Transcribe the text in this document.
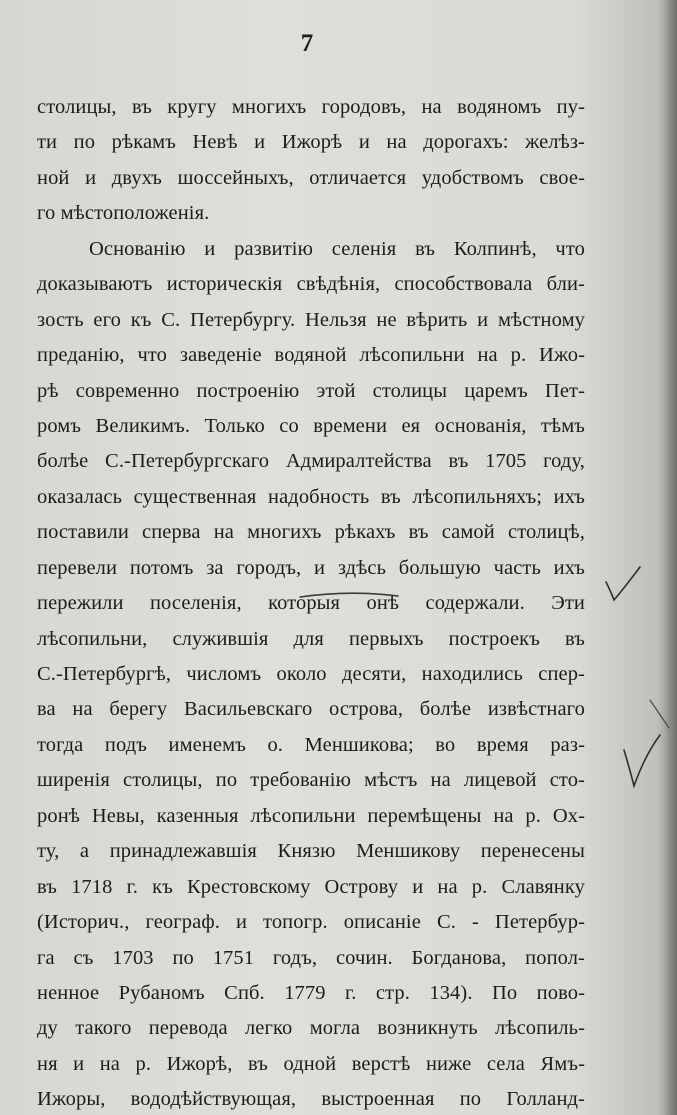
7
столицы, въ кругу многихъ городовъ, на водяномъ пу-
ти по рѣкамъ Невѣ и Ижорѣ и на дорогахъ: желѣз-
ной и двухъ шоссейныхъ, отличается удобствомъ свое-
го мѣстоположенія.
Основанію и развитію селенія въ Колпинѣ, что
доказываютъ историческія свѣдѣнія, способствовала бли-
зость его къ С. Петербургу. Нельзя не вѣрить и мѣстному
преданію, что заведеніе водяной лѣсопильни на р. Ижо-
рѣ современно построенію этой столицы царемъ Пет-
ромъ Великимъ. Только со времени ея основанія, тѣмъ
болѣе С.-Петербургскаго Адмиралтейства въ 1705 году,
оказалась существенная надобность въ лѣсопильняхъ; ихъ
поставили сперва на многихъ рѣкахъ въ самой столицѣ,
перевели потомъ за городъ, и здѣсь большую часть ихъ
пережили поселенія, которыя онѣ содержали. Эти
лѣсопильни, служившія для первыхъ построекъ въ
С.-Петербургѣ, числомъ около десяти, находились спер-
ва на берегу Васильевскаго острова, болѣе извѣстнаго
тогда подъ именемъ о. Меншикова; во время раз-
ширенія столицы, по требованію мѣстъ на лицевой сто-
ронѣ Невы, казенныя лѣсопильни перемѣщены на р. Ох-
ту, а принадлежавшія Князю Меншикову перенесены
въ 1718 г. къ Крестовскому Острову и на р. Славянку
(Историч., географ. и топогр. описаніе С. - Петербур-
га съ 1703 по 1751 годъ, сочин. Богданова, попол-
ненное Рубаномъ Спб. 1779 г. стр. 134). По пово-
ду такого перевода легко могла возникнуть лѣсопиль-
ня и на р. Ижорѣ, въ одной верстѣ ниже села Ямъ-
Ижоры, вододѣйствующая, выстроенная по Голланд-
